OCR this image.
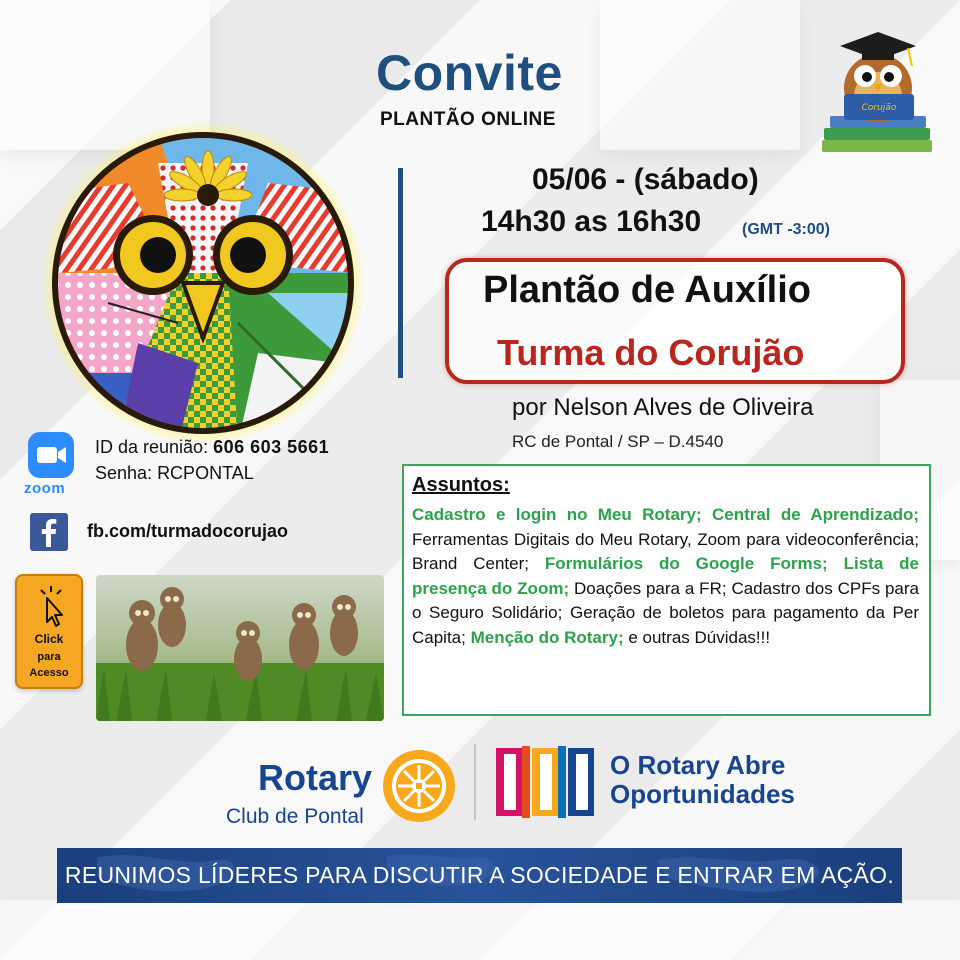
Convite
PLANTÃO ONLINE
Corujão
05/06 - (sábado)
14h30 as 16h30	(GMT -3:00)
Plantão de Auxílio
Turma do Corujão
por Nelson Alves de Oliveira
RC de Pontal / SP – D.4540
zoom
ID da reunião: 606 603 5661
Senha: RCPONTAL
fb.com/turmadocorujao
Click
para
Acesso
Assuntos:
Cadastro e login no Meu Rotary; Central de Aprendizado; Ferramentas Digitais do Meu Rotary, Zoom para videoconferência; Brand Center; Formulários do Google Forms; Lista de presença do Zoom; Doações para a FR; Cadastro dos CPFs para o Seguro Solidário; Geração de boletos para pagamento da Per Capita; Menção do Rotary; e outras Dúvidas!!!
Rotary
Club de Pontal
O Rotary Abre
Oportunidades
REUNIMOS LÍDERES PARA DISCUTIR A SOCIEDADE E ENTRAR EM AÇÃO.
